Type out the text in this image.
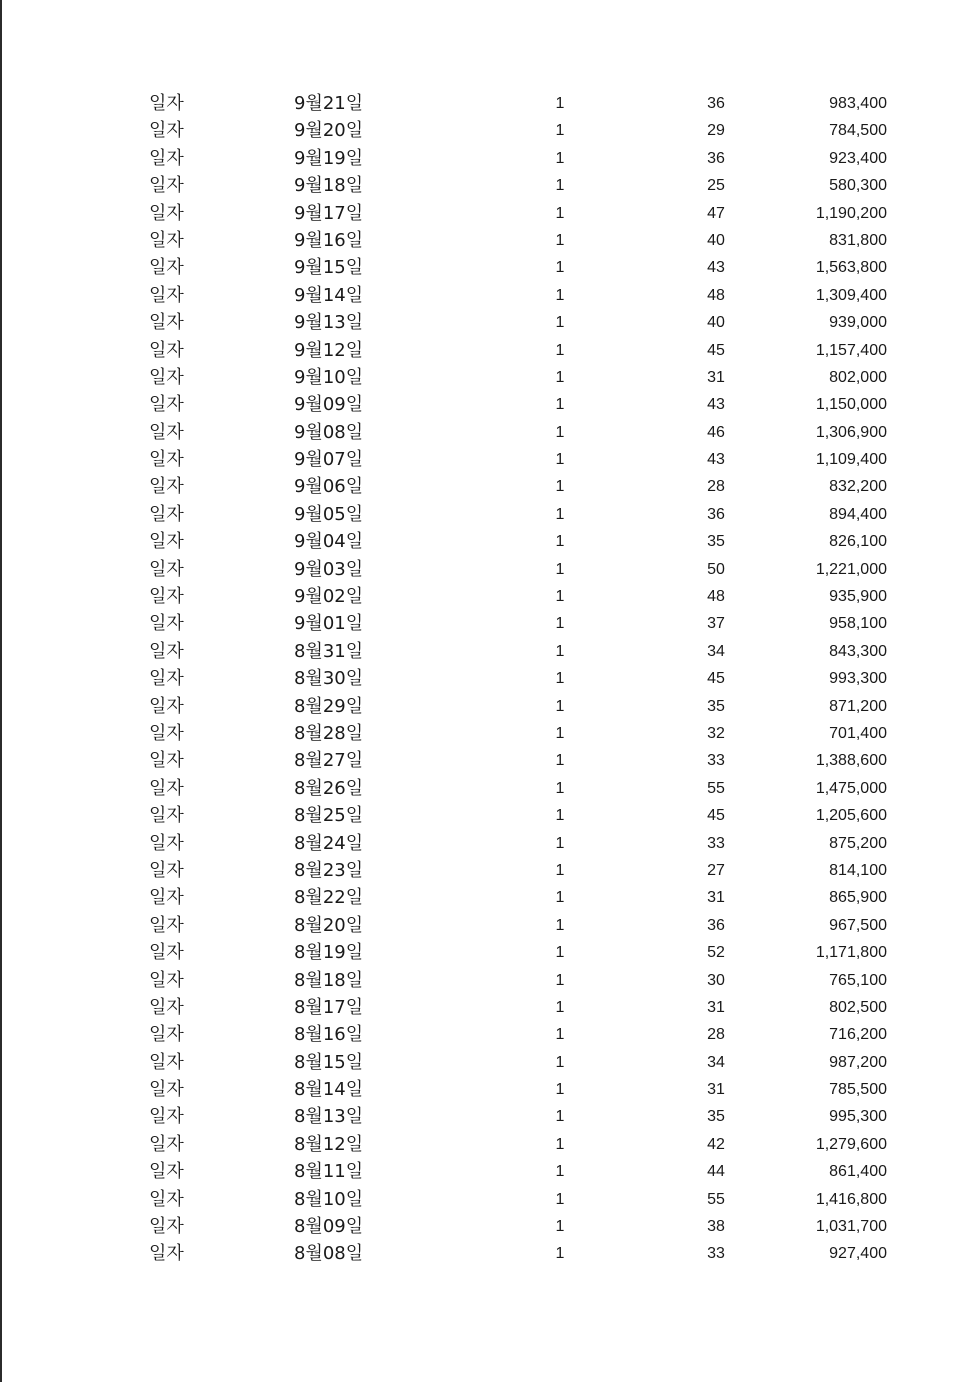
일자	9월21일	1	36	983,400
일자	9월20일	1	29	784,500
일자	9월19일	1	36	923,400
일자	9월18일	1	25	580,300
일자	9월17일	1	47	1,190,200
일자	9월16일	1	40	831,800
일자	9월15일	1	43	1,563,800
일자	9월14일	1	48	1,309,400
일자	9월13일	1	40	939,000
일자	9월12일	1	45	1,157,400
일자	9월10일	1	31	802,000
일자	9월09일	1	43	1,150,000
일자	9월08일	1	46	1,306,900
일자	9월07일	1	43	1,109,400
일자	9월06일	1	28	832,200
일자	9월05일	1	36	894,400
일자	9월04일	1	35	826,100
일자	9월03일	1	50	1,221,000
일자	9월02일	1	48	935,900
일자	9월01일	1	37	958,100
일자	8월31일	1	34	843,300
일자	8월30일	1	45	993,300
일자	8월29일	1	35	871,200
일자	8월28일	1	32	701,400
일자	8월27일	1	33	1,388,600
일자	8월26일	1	55	1,475,000
일자	8월25일	1	45	1,205,600
일자	8월24일	1	33	875,200
일자	8월23일	1	27	814,100
일자	8월22일	1	31	865,900
일자	8월20일	1	36	967,500
일자	8월19일	1	52	1,171,800
일자	8월18일	1	30	765,100
일자	8월17일	1	31	802,500
일자	8월16일	1	28	716,200
일자	8월15일	1	34	987,200
일자	8월14일	1	31	785,500
일자	8월13일	1	35	995,300
일자	8월12일	1	42	1,279,600
일자	8월11일	1	44	861,400
일자	8월10일	1	55	1,416,800
일자	8월09일	1	38	1,031,700
일자	8월08일	1	33	927,400
